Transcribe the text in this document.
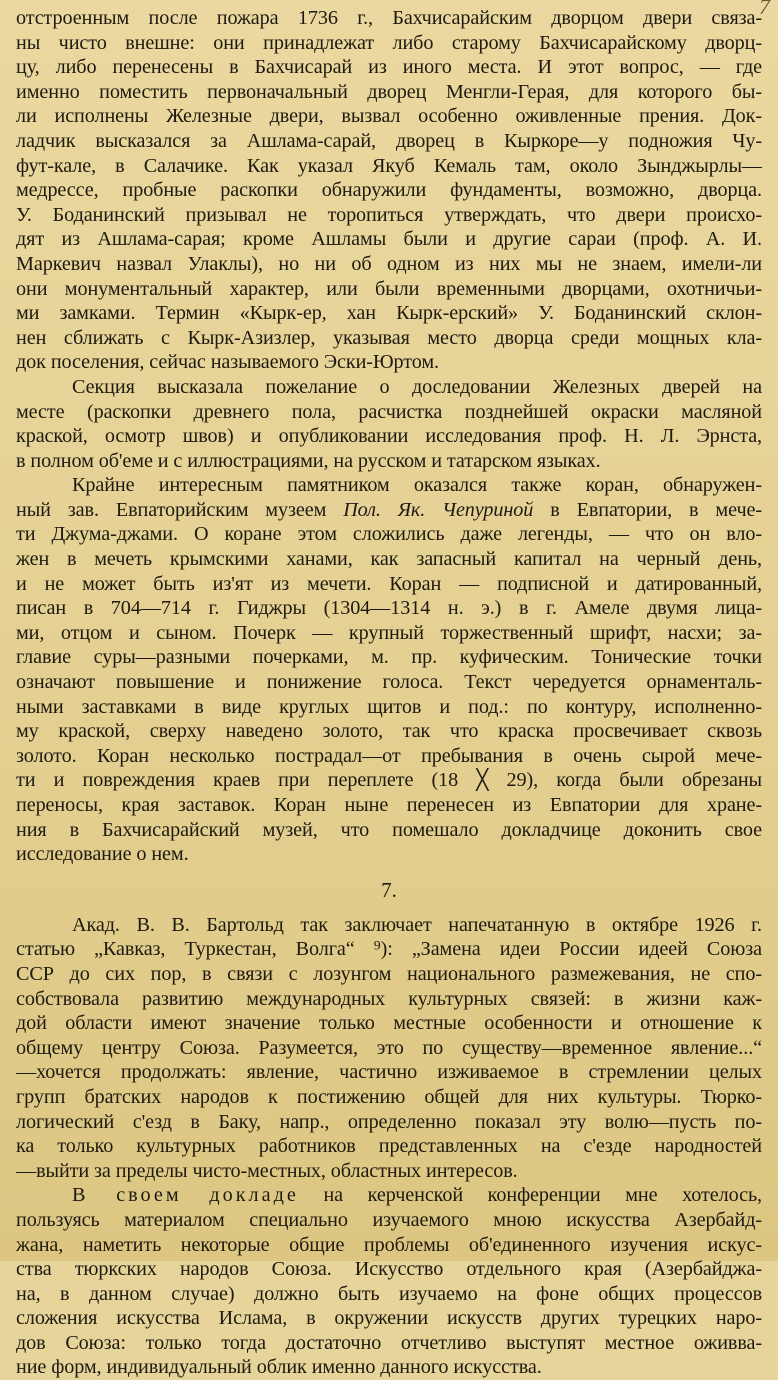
7
отстроенным после пожара 1736 г., Бахчисарайским дворцом двери связа-
ны чисто внешне: они принадлежат либо старому Бахчисарайскому дворц-
цу, либо перенесены в Бахчисарай из иного места. И этот вопрос, — где
именно поместить первоначальный дворец Менгли-Герая, для которого бы-
ли исполнены Железные двери, вызвал особенно оживленные прения. Док-
ладчик высказался за Ашлама-сарай, дворец в Кыркоре—у подножия Чу-
фут-кале, в Салачике. Как указал Якуб Кемаль там, около Зынджырлы—
медрессе, пробные раскопки обнаружили фундаменты, возможно, дворца.
У. Боданинский призывал не торопиться утверждать, что двери происхо-
дят из Ашлама-сарая; кроме Ашламы были и другие сараи (проф. А. И.
Маркевич назвал Улаклы), но ни об одном из них мы не знаем, имели-ли
они монументальный характер, или были временными дворцами, охотничьи-
ми замками. Термин «Кырк-ер, хан Кырк-ерский» У. Боданинский склон-
нен сближать с Кырк-Азизлер, указывая место дворца среди мощных кла-
док поселения, сейчас называемого Эски-Юртом.
Секция высказала пожелание о доследовании Железных дверей на
месте (раскопки древнего пола, расчистка позднейшей окраски масляной
краской, осмотр швов) и опубликовании исследования проф. Н. Л. Эрнста,
в полном об'еме и с иллюстрациями, на русском и татарском языках.
Крайне интересным памятником оказался также коран, обнаружен-
ный зав. Евпаторийским музеем Пол. Як. Чепуриной в Евпатории, в мече-
ти Джума-джами. О коране этом сложились даже легенды, — что он вло-
жен в мечеть крымскими ханами, как запасный капитал на черный день,
и не может быть из'ят из мечети. Коран — подписной и датированный,
писан в 704—714 г. Гиджры (1304—1314 н. э.) в г. Амеле двумя лица-
ми, отцом и сыном. Почерк — крупный торжественный шрифт, насхи; за-
главие суры—разными почерками, м. пр. куфическим. Тонические точки
означают повышение и понижение голоса. Текст чередуется орнаменталь-
ными заставками в виде круглых щитов и под.: по контуру, исполненно-
му краской, сверху наведено золото, так что краска просвечивает сквозь
золото. Коран несколько пострадал—от пребывания в очень сырой мече-
ти и повреждения краев при переплете (18 ╳ 29), когда были обрезаны
переносы, края заставок. Коран ныне перенесен из Евпатории для хране-
ния в Бахчисарайский музей, что помешало докладчице доконить свое
исследование о нем.
7.
Акад. В. В. Бартольд так заключает напечатанную в октябре 1926 г.
статью „Кавказ, Туркестан, Волга“ ⁹): „Замена идеи России идеей Союза
ССР до сих пор, в связи с лозунгом национального размежевания, не спо-
собствовала развитию международных культурных связей: в жизни каж-
дой области имеют значение только местные особенности и отношение к
общему центру Союза. Разумеется, это по существу—временное явление...“
—хочется продолжать: явление, частично изживаемое в стремлении целых
групп братских народов к постижению общей для них культуры. Тюрко-
логический с'езд в Баку, напр., определенно показал эту волю—пусть по-
ка только культурных работников представленных на с'езде народностей
—выйти за пределы чисто-местных, областных интересов.
В своем докладе на керченской конференции мне хотелось,
пользуясь материалом специально изучаемого мною искусства Азербайд-
жана, наметить некоторые общие проблемы об'единенного изучения искус-
ства тюркских народов Союза. Искусство отдельного края (Азербайджа-
на, в данном случае) должно быть изучаемо на фоне общих процессов
сложения искусства Ислама, в окружении искусств других турецких наро-
дов Союза: только тогда достаточно отчетливо выступят местное оживва-
ние форм, индивидуальный облик именно данного искусства.
